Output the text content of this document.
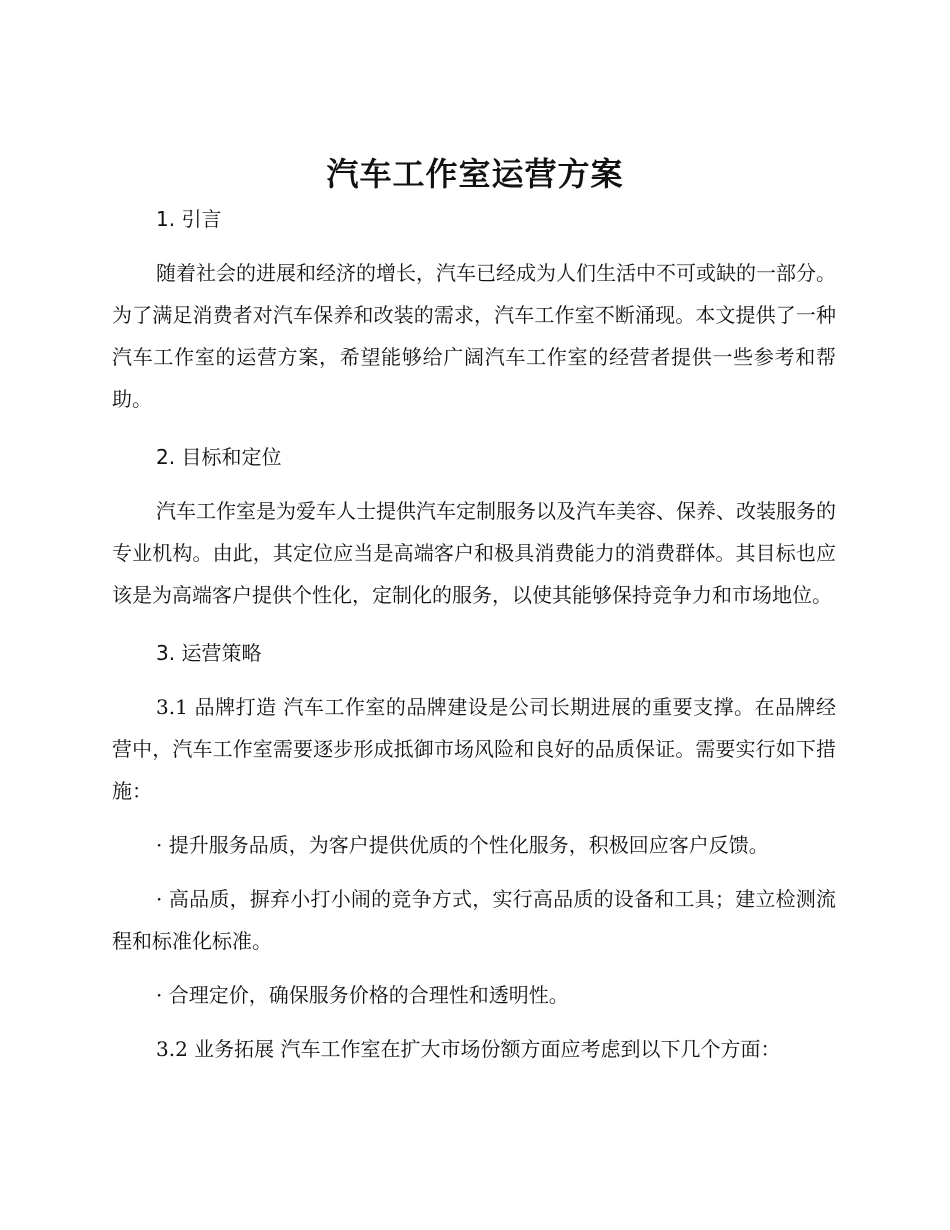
汽车工作室运营方案
1. 引言

随着社会的进展和经济的增长，汽车已经成为人们生活中不可或缺的一部分。为了满足消费者对汽车保养和改装的需求，汽车工作室不断涌现。本文提供了一种汽车工作室的运营方案，希望能够给广阔汽车工作室的经营者提供一些参考和帮助。

2. 目标和定位

汽车工作室是为爱车人士提供汽车定制服务以及汽车美容、保养、改装服务的专业机构。由此，其定位应当是高端客户和极具消费能力的消费群体。其目标也应该是为高端客户提供个性化，定制化的服务，以使其能够保持竞争力和市场地位。

3. 运营策略

3.1 品牌打造 汽车工作室的品牌建设是公司长期进展的重要支撑。在品牌经营中，汽车工作室需要逐步形成抵御市场风险和良好的品质保证。需要实行如下措施：

· 提升服务品质，为客户提供优质的个性化服务，积极回应客户反馈。

· 高品质，摒弃小打小闹的竞争方式，实行高品质的设备和工具；建立检测流程和标准化标准。

· 合理定价，确保服务价格的合理性和透明性。

3.2 业务拓展 汽车工作室在扩大市场份额方面应考虑到以下几个方面：
